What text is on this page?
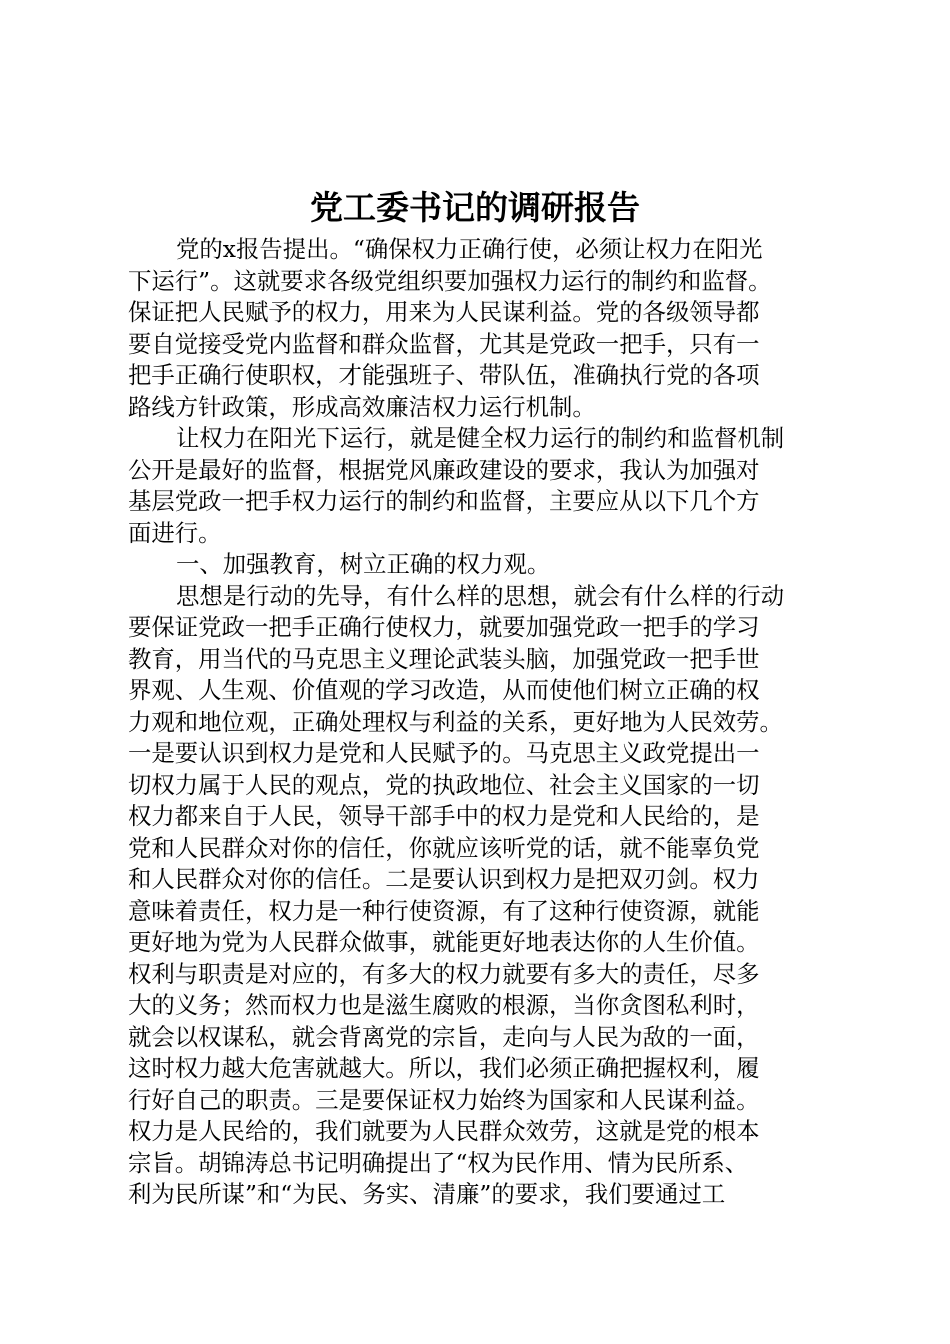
党工委书记的调研报告
党的x报告提出。“确保权力正确行使，必须让权力在阳光
下运行”。这就要求各级党组织要加强权力运行的制约和监督。
保证把人民赋予的权力，用来为人民谋利益。党的各级领导都
要自觉接受党内监督和群众监督，尤其是党政一把手，只有一
把手正确行使职权，才能强班子、带队伍，准确执行党的各项
路线方针政策，形成高效廉洁权力运行机制。
让权力在阳光下运行，就是健全权力运行的制约和监督机制
公开是最好的监督，根据党风廉政建设的要求，我认为加强对
基层党政一把手权力运行的制约和监督，主要应从以下几个方
面进行。
一、加强教育，树立正确的权力观。
思想是行动的先导，有什么样的思想，就会有什么样的行动
要保证党政一把手正确行使权力，就要加强党政一把手的学习
教育，用当代的马克思主义理论武装头脑，加强党政一把手世
界观、人生观、价值观的学习改造，从而使他们树立正确的权
力观和地位观，正确处理权与利益的关系，更好地为人民效劳。
一是要认识到权力是党和人民赋予的。马克思主义政党提出一
切权力属于人民的观点，党的执政地位、社会主义国家的一切
权力都来自于人民，领导干部手中的权力是党和人民给的，是
党和人民群众对你的信任，你就应该听党的话，就不能辜负党
和人民群众对你的信任。二是要认识到权力是把双刃剑。权力
意味着责任，权力是一种行使资源，有了这种行使资源，就能
更好地为党为人民群众做事，就能更好地表达你的人生价值。
权利与职责是对应的，有多大的权力就要有多大的责任，尽多
大的义务；然而权力也是滋生腐败的根源，当你贪图私利时，
就会以权谋私，就会背离党的宗旨，走向与人民为敌的一面，
这时权力越大危害就越大。所以，我们必须正确把握权利，履
行好自己的职责。三是要保证权力始终为国家和人民谋利益。
权力是人民给的，我们就要为人民群众效劳，这就是党的根本
宗旨。胡锦涛总书记明确提出了“权为民作用、情为民所系、
利为民所谋”和“为民、务实、清廉”的要求，我们要通过工
